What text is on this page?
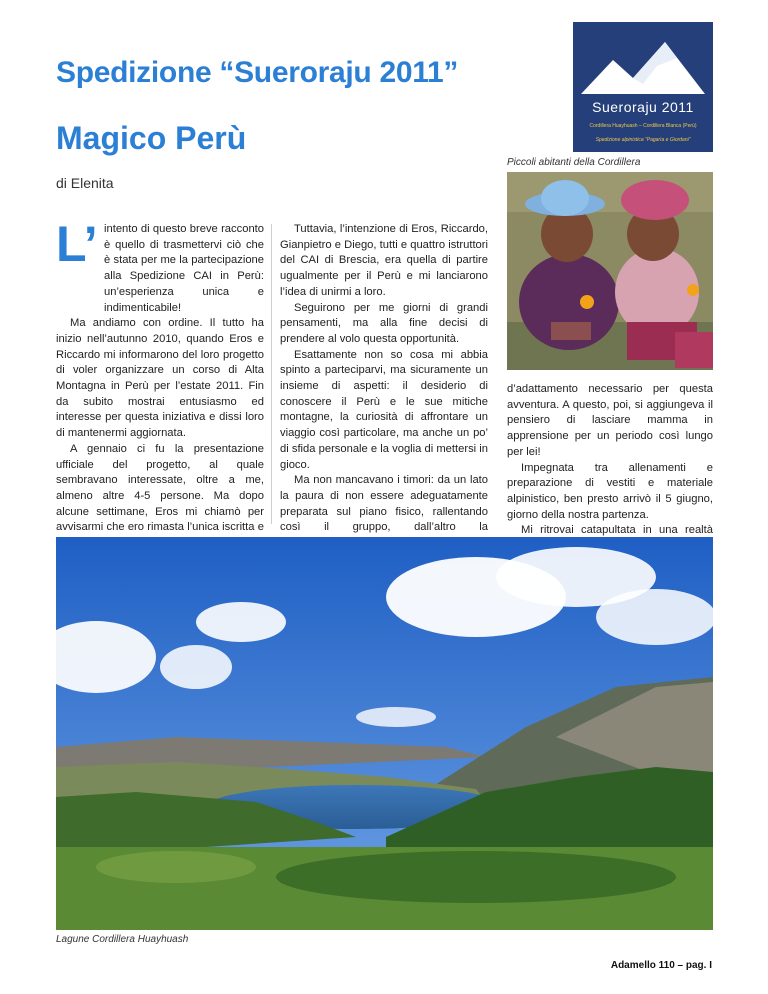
Spedizione “Sueroraju 2011”
Magico Perù
di Elenita
Sueroraju 2011
Cordillera Huayhuash – Cordillera Blanca (Perù)
Spedizione alpinistica “Pagarìa e Giordani”
Piccoli abitanti della Cordillera
L’ intento di questo breve racconto è quello di trasmettervi ciò che è stata per me la partecipazione alla Spedizione CAI in Perù: un’esperienza unica e indimenticabile!

Ma andiamo con ordine. Il tutto ha inizio nell’autunno 2010, quando Eros e Riccardo mi informarono del loro progetto di voler organizzare un corso di Alta Montagna in Perù per l’estate 2011. Fin da subito mostrai entusiasmo ed interesse per questa iniziativa e dissi loro di mantenermi aggiornata.

A gennaio ci fu la presentazione ufficiale del progetto, al quale sembravano interessate, oltre a me, almeno altre 4-5 persone. Ma dopo alcune settimane, Eros mi chiamò per avvisarmi che ero rimasta l’unica iscritta e

Tuttavia, l’intenzione di Eros, Riccardo, Gianpietro e Diego, tutti e quattro istruttori del CAI di Brescia, era quella di partire ugualmente per il Perù e mi lanciarono l’idea di unirmi a loro.

Seguirono per me giorni di grandi pensamenti, ma alla fine decisi di prendere al volo questa opportunità.

Esattamente non so cosa mi abbia spinto a parteciparvi, ma sicuramente un insieme di aspetti: il desiderio di conoscere il Perù e le sue mitiche montagne, la curiosità di affrontare un viaggio così particolare, ma anche un po’ di sfida personale e la voglia di mettersi in gioco.

Ma non mancavano i timori: da un lato la paura di non essere adeguatamente preparata sul piano fisico, rallentando così il gruppo, dall’altro la

d’adattamento necessario per questa avventura. A questo, poi, si aggiungeva il pensiero di lasciare mamma in apprensione per un periodo così lungo per lei!

Impegnata tra allenamenti e preparazione di vestiti e materiale alpinistico, ben presto arrivò il 5 giugno, giorno della nostra partenza.

Mi ritrovai catapultata in una realtà

Lagune Cordillera Huayhuash
Adamello 110 – pag. I
